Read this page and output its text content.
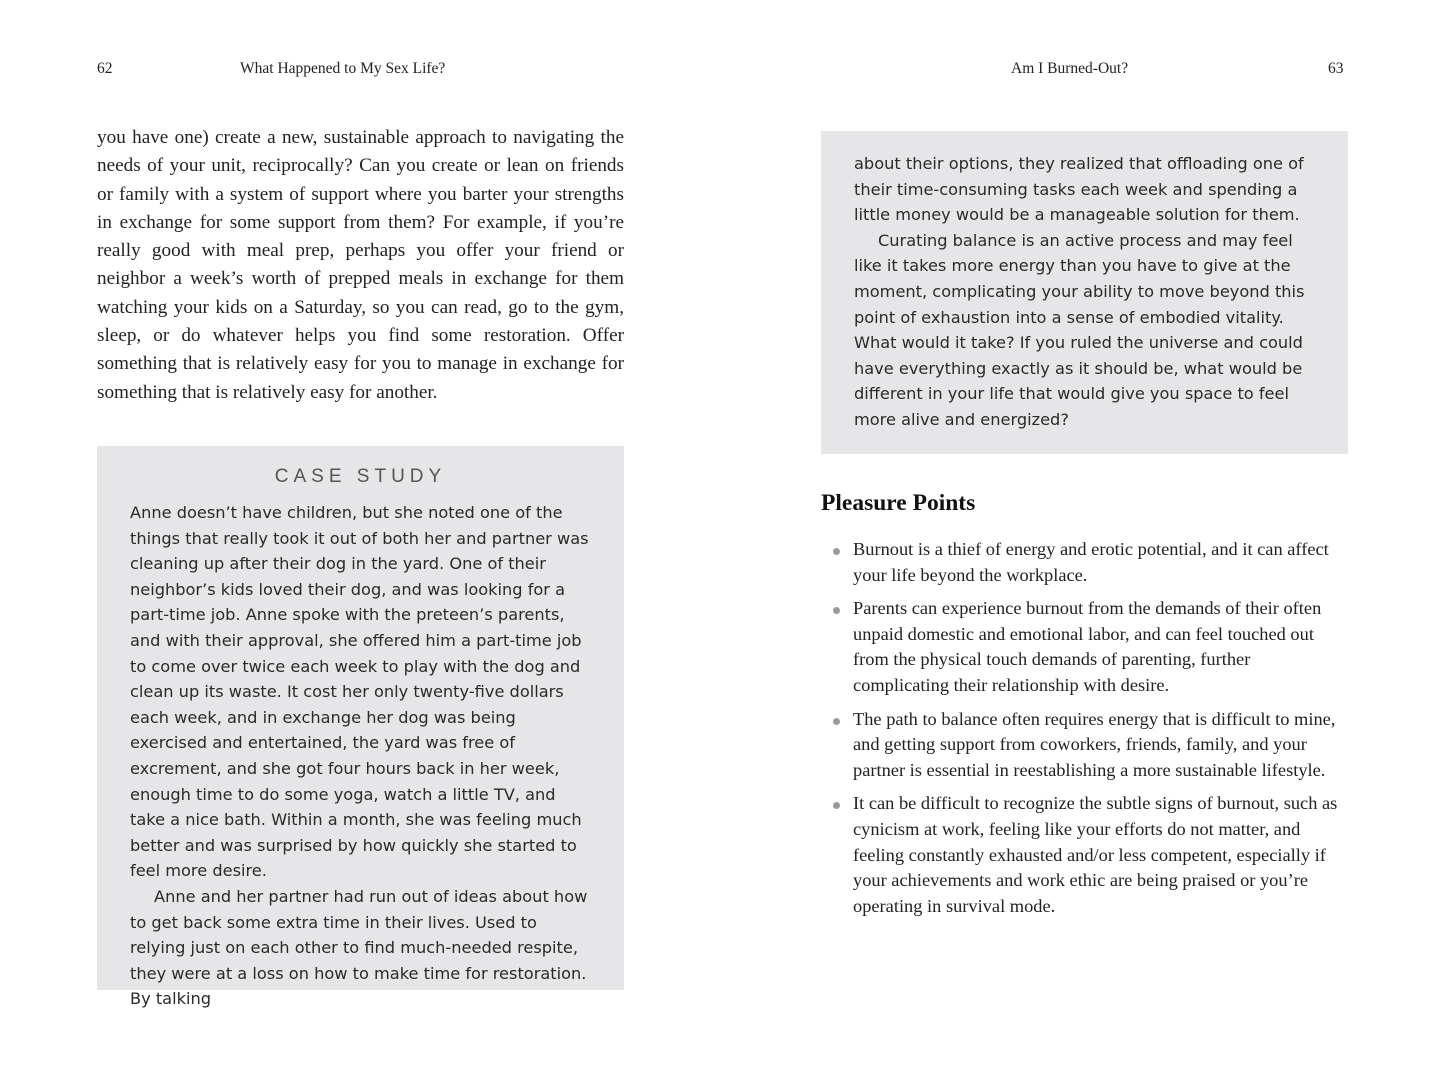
62	What Happened to My Sex Life?

you have one) create a new, sustainable approach to navigating the needs of your unit, reciprocally? Can you create or lean on friends or family with a system of support where you barter your strengths in exchange for some support from them? For example, if you’re really good with meal prep, perhaps you offer your friend or neighbor a week’s worth of prepped meals in exchange for them watching your kids on a Saturday, so you can read, go to the gym, sleep, or do whatever helps you find some restoration. Offer something that is relatively easy for you to manage in exchange for something that is relatively easy for another.

CASE STUDY

Anne doesn’t have children, but she noted one of the things that really took it out of both her and partner was cleaning up after their dog in the yard. One of their neighbor’s kids loved their dog, and was looking for a part-time job. Anne spoke with the preteen’s parents, and with their approval, she offered him a part-time job to come over twice each week to play with the dog and clean up its waste. It cost her only twenty-five dollars each week, and in exchange her dog was being exercised and entertained, the yard was free of excrement, and she got four hours back in her week, enough time to do some yoga, watch a little TV, and take a nice bath. Within a month, she was feeling much better and was surprised by how quickly she started to feel more desire.

Anne and her partner had run out of ideas about how to get back some extra time in their lives. Used to relying just on each other to find much-needed respite, they were at a loss on how to make time for restoration. By talking

Am I Burned-Out?	63

about their options, they realized that offloading one of their time-consuming tasks each week and spending a little money would be a manageable solution for them.

Curating balance is an active process and may feel like it takes more energy than you have to give at the moment, complicating your ability to move beyond this point of exhaustion into a sense of embodied vitality. What would it take? If you ruled the universe and could have everything exactly as it should be, what would be different in your life that would give you space to feel more alive and energized?

Pleasure Points
Burnout is a thief of energy and erotic potential, and it can affect your life beyond the workplace.
Parents can experience burnout from the demands of their often unpaid domestic and emotional labor, and can feel touched out from the physical touch demands of parenting, further complicating their relationship with desire.
The path to balance often requires energy that is difficult to mine, and getting support from coworkers, friends, family, and your partner is essential in reestablishing a more sustainable lifestyle.
It can be difficult to recognize the subtle signs of burnout, such as cynicism at work, feeling like your efforts do not matter, and feeling constantly exhausted and/or less competent, especially if your achievements and work ethic are being praised or you’re operating in survival mode.
